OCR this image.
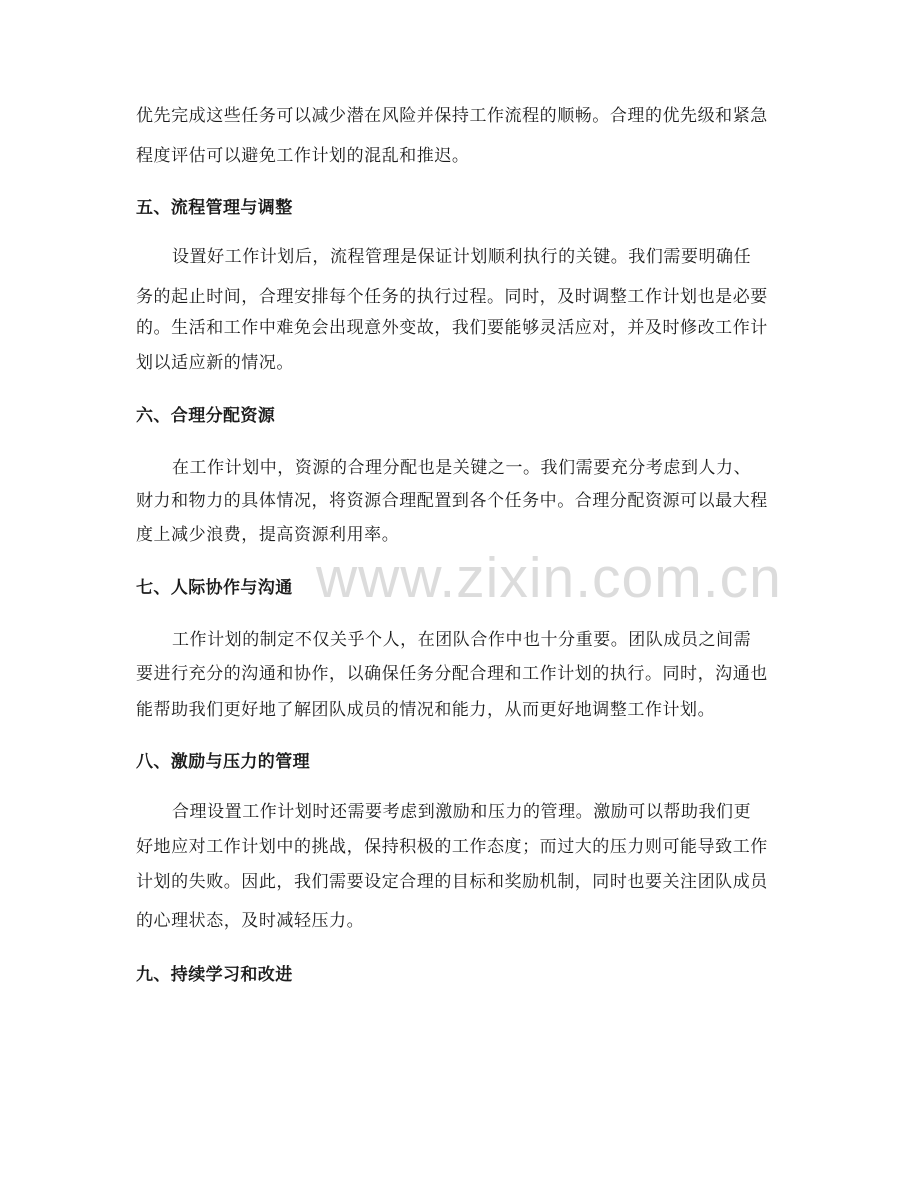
www.zixin.com.cn
优先完成这些任务可以减少潜在风险并保持工作流程的顺畅。合理的优先级和紧急
程度评估可以避免工作计划的混乱和推迟。
五、流程管理与调整
设置好工作计划后，流程管理是保证计划顺利执行的关键。我们需要明确任
务的起止时间，合理安排每个任务的执行过程。同时，及时调整工作计划也是必要
的。生活和工作中难免会出现意外变故，我们要能够灵活应对，并及时修改工作计
划以适应新的情况。
六、合理分配资源
在工作计划中，资源的合理分配也是关键之一。我们需要充分考虑到人力、
财力和物力的具体情况，将资源合理配置到各个任务中。合理分配资源可以最大程
度上减少浪费，提高资源利用率。
七、人际协作与沟通
工作计划的制定不仅关乎个人，在团队合作中也十分重要。团队成员之间需
要进行充分的沟通和协作，以确保任务分配合理和工作计划的执行。同时，沟通也
能帮助我们更好地了解团队成员的情况和能力，从而更好地调整工作计划。
八、激励与压力的管理
合理设置工作计划时还需要考虑到激励和压力的管理。激励可以帮助我们更
好地应对工作计划中的挑战，保持积极的工作态度；而过大的压力则可能导致工作
计划的失败。因此，我们需要设定合理的目标和奖励机制，同时也要关注团队成员
的心理状态，及时减轻压力。
九、持续学习和改进
